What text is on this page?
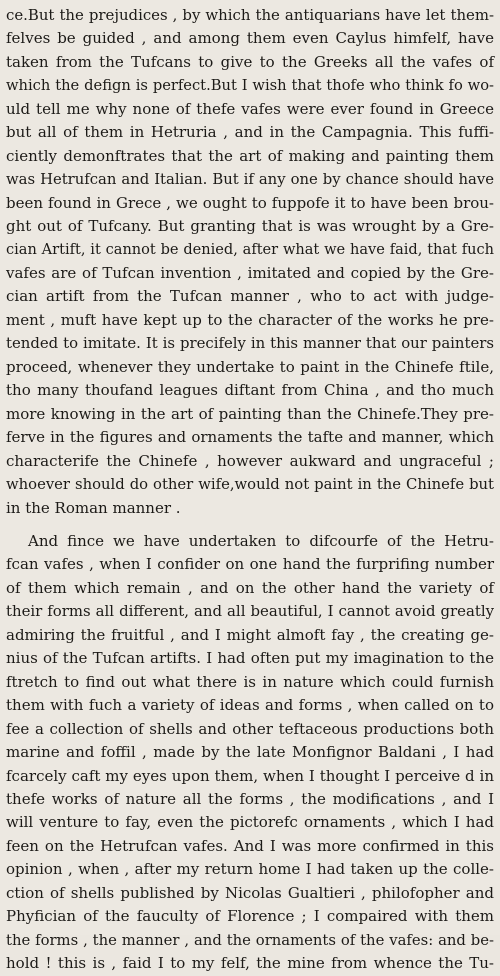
ce.But the prejudices , by which the antiquarians have let them-
felves be guided , and among them even Caylus himfelf, have
taken from the Tufcans to give to the Greeks all the vafes of
which the defign is perfect.But I wish that thofe who think fo wo-
uld tell me why none of thefe vafes were ever found in Greece
but all of them in Hetruria , and in the Campagnia. This fuffi-
ciently demonftrates that the art of making and painting them
was Hetrufcan and Italian. But if any one by chance should have
been found in Grece , we ought to fuppofe it to have been brou-
ght out of Tufcany. But granting that is was wrought by a Gre-
cian Artift, it cannot be denied, after what we have faid, that fuch
vafes are of Tufcan invention , imitated and copied by the Gre-
cian artift from the Tufcan manner , who to act with judge-
ment , muft have kept up to the character of the works he pre-
tended to imitate. It is precifely in this manner that our painters
proceed, whenever they undertake to paint in the Chinefe ftile,
tho many thoufand leagues diftant from China , and tho much
more knowing in the art of painting than the Chinefe.They pre-
ferve in the figures and ornaments the tafte and manner, which
characterife the Chinefe , however aukward and ungraceful ;
whoever should do other wife,would not paint in the Chinefe but
in the Roman manner .
And fince we have undertaken to difcourfe of the Hetru-
fcan vafes , when I confider on one hand the furprifing number
of them which remain , and on the other hand the variety of
their forms all different, and all beautiful, I cannot avoid greatly
admiring the fruitful , and I might almoft fay , the creating ge-
nius of the Tufcan artifts. I had often put my imagination to the
ftretch to find out what there is in nature which could furnish
them with fuch a variety of ideas and forms , when called on to
fee a collection of shells and other teftaceous productions both
marine and foffil , made by the late Monfignor Baldani , I had
fcarcely caft my eyes upon them, when I thought I perceive d in
thefe works of nature all the forms , the modifications , and I
will venture to fay, even the pictorefc ornaments , which I had
feen on the Hetrufcan vafes. And I was more confirmed in this
opinion , when , after my return home I had taken up the colle-
ction of shells published by Nicolas Gualtieri , philofopher and
Phyfician of the fauculty of Florence ; I compaired with them
the forms , the manner , and the ornaments of the vafes: and be-
hold ! this is , faid I to my felf, the mine from whence the Tu-
